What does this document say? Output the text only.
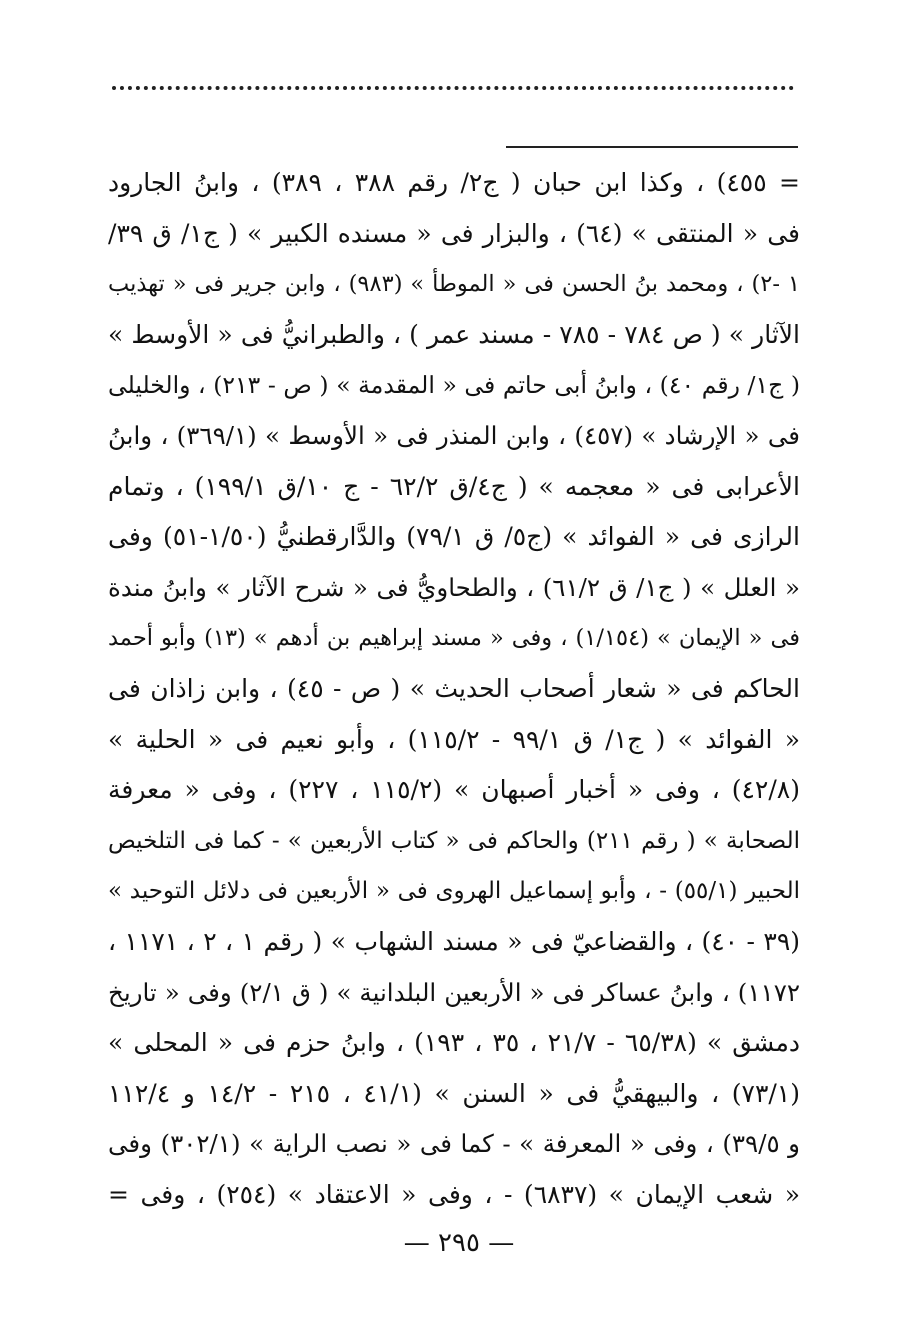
= ٤٥٥) ، وكذا ابن حبان ( ج٢/ رقم ٣٨٨ ، ٣٨٩) ، وابنُ الجارود
فى « المنتقى » (٦٤) ، والبزار فى « مسنده الكبير » ( ج١/ ق ٣٩/
١ -٢) ، ومحمد بنُ الحسن فى « الموطأ » (٩٨٣) ، وابن جرير فى « تهذيب
الآثار » ( ص ٧٨٤ - ٧٨٥ - مسند عمر ) ، والطبرانيُّ فى « الأوسط »
( ج١/ رقم ٤٠) ، وابنُ أبى حاتم فى « المقدمة » ( ص - ٢١٣) ، والخليلى
فى « الإرشاد » (٤٥٧) ، وابن المنذر فى « الأوسط » (٣٦٩/١) ، وابنُ
الأعرابى فى « معجمه » ( ج٤/ق ٦٢/٢ - ج ١٠/ق ١٩٩/١) ، وتمام
الرازى فى « الفوائد » (ج٥/ ق ٧٩/١) والدَّارقطنيُّ (١/٥٠-٥١) وفى
« العلل » ( ج١/ ق ٦١/٢) ، والطحاويُّ فى « شرح الآثار » وابنُ مندة
فى « الإيمان » (١/١٥٤) ، وفى « مسند إبراهيم بن أدهم » (١٣) وأبو أحمد
الحاكم فى « شعار أصحاب الحديث » ( ص - ٤٥) ، وابن زاذان فى
« الفوائد » ( ج١/ ق ٩٩/١ - ١١٥/٢) ، وأبو نعيم فى « الحلية »
(٤٢/٨) ، وفى « أخبار أصبهان » (١١٥/٢ ، ٢٢٧) ، وفى « معرفة
الصحابة » ( رقم ٢١١) والحاكم فى « كتاب الأربعين » - كما فى التلخيص
الحبير (٥٥/١) - ، وأبو إسماعيل الهروى فى « الأربعين فى دلائل التوحيد »
(٣٩ - ٤٠) ، والقضاعيّ فى « مسند الشهاب » ( رقم ١ ، ٢ ، ١١٧١ ،
١١٧٢) ، وابنُ عساكر فى « الأربعين البلدانية » ( ق ٢/١) وفى « تاريخ
دمشق » (٦٥/٣٨ - ٢١/٧ ، ٣٥ ، ١٩٣) ، وابنُ حزم فى « المحلى »
(٧٣/١) ، والبيهقيُّ فى « السنن » (٤١/١ ، ٢١٥ - ١٤/٢ و ١١٢/٤
و ٣٩/٥) ، وفى « المعرفة » - كما فى « نصب الراية » (٣٠٢/١) وفى
« شعب الإيمان » (٦٨٣٧) - ، وفى « الاعتقاد » (٢٥٤) ، وفى =
— ٢٩٥ —
